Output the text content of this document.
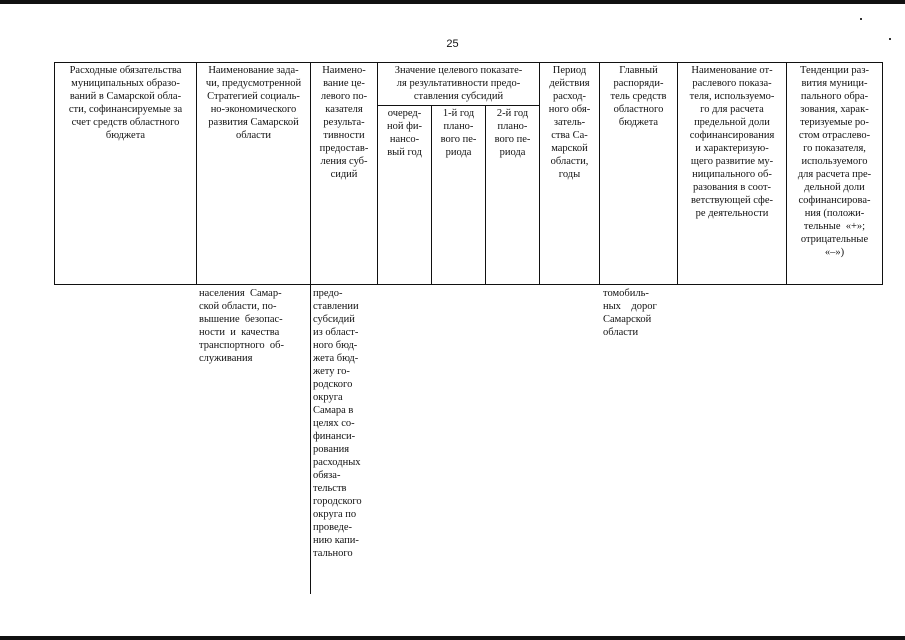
25
Расходные обязательства
муниципальных образо-
ваний в Самарской обла-
сти, софинансируемые за
счет средств областного
бюджета
Наименование зада-
чи, предусмотренной
Стратегией социаль-
но-экономического
развития Самарской
области
Наимено-
вание це-
левого по-
казателя
результа-
тивности
предостав-
ления суб-
сидий
Значение целевого показате-
ля результативности предо-
ставления субсидий
очеред-
ной фи-
нансо-
вый год
1-й год
плано-
вого пе-
риода
2-й год
плано-
вого пе-
риода
Период
действия
расход-
ного обя-
затель-
ства Са-
марской
области,
годы
Главный
распоряди-
тель средств
областного
бюджета
Наименование от-
раслевого показа-
теля, используемо-
го для расчета
предельной доли
софинансирования
и характеризую-
щего развитие му-
ниципального об-
разования в соот-
ветствующей сфе-
ре деятельности
Тенденции раз-
вития муници-
пального обра-
зования, харак-
теризуемые ро-
стом отраслево-
го показателя,
используемого
для расчета пре-
дельной доли
софинансирова-
ния (положи-
тельные  «+»;
отрицательные
«–»)
населения  Самар-
ской области, по-
вышение  безопас-
ности  и  качества
транспортного  об-
служивания
предо-
ставлении
субсидий
из област-
ного бюд-
жета бюд-
жету го-
родского
округа
Самара в
целях со-
финанси-
рования
расходных
обяза-
тельств
городского
округа по
проведе-
нию капи-
тального
томобиль-
ных    дорог
Самарской
области
